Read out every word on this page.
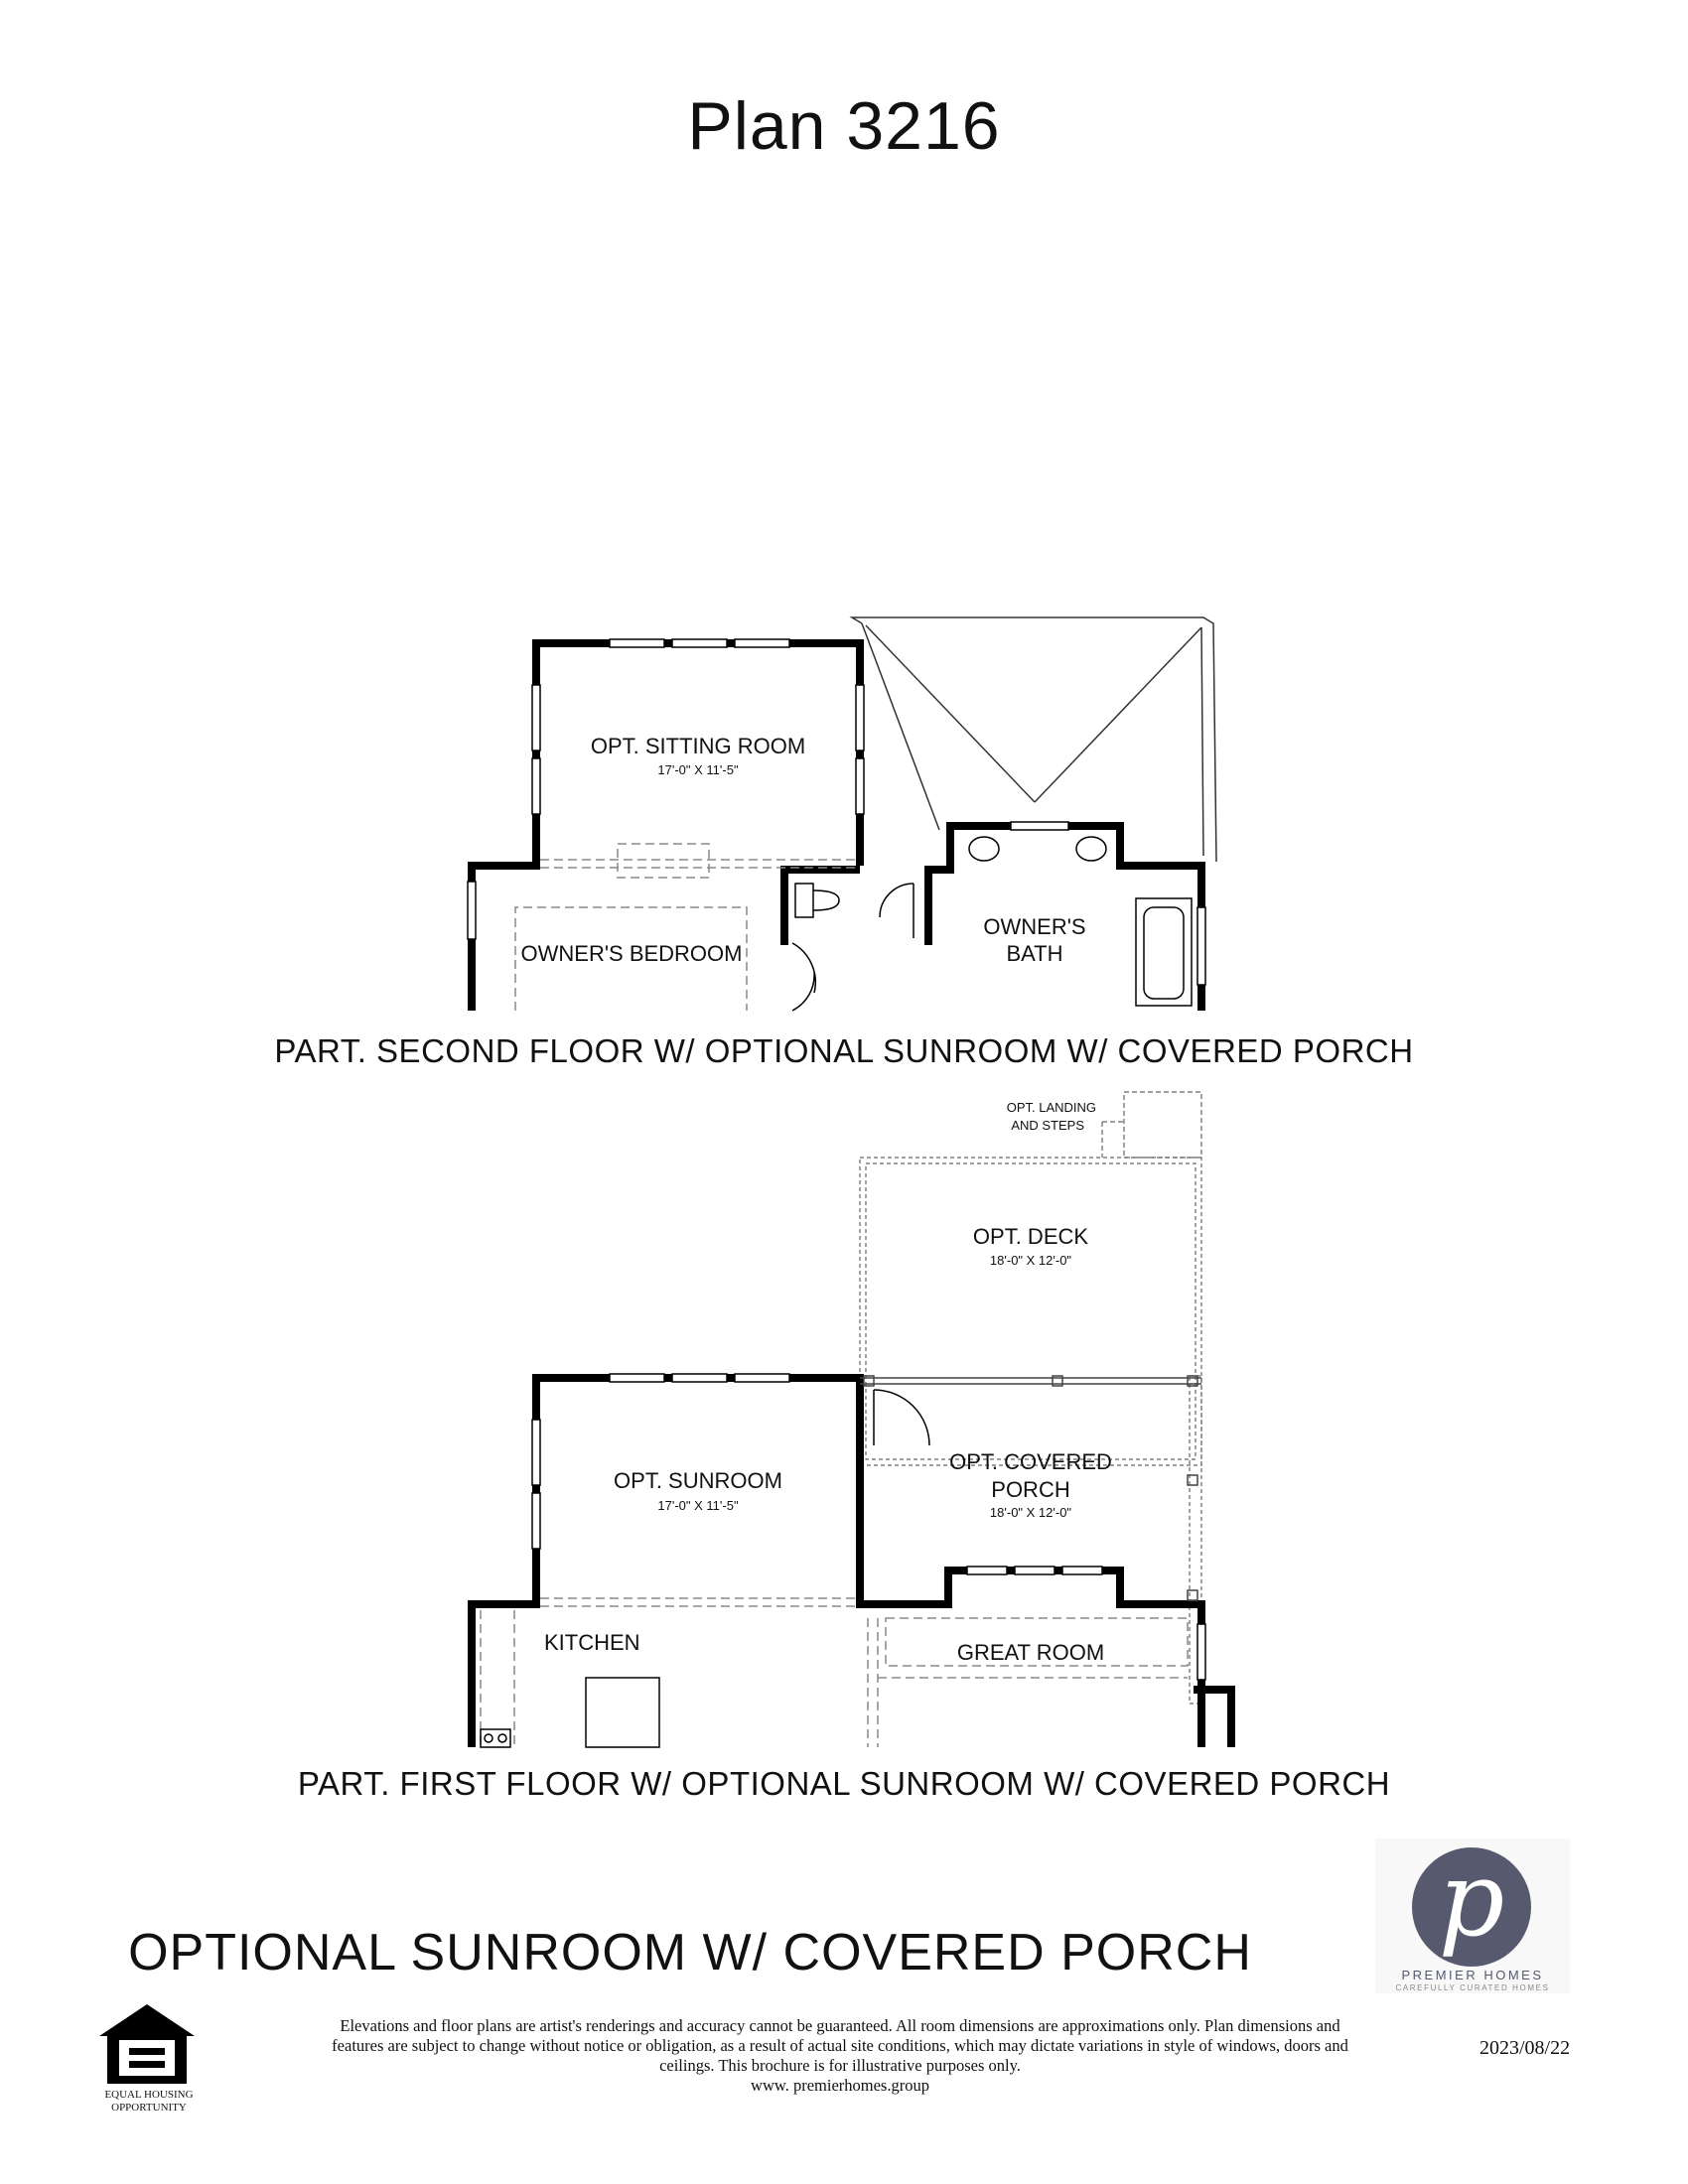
Plan 3216
OPT. SITTING ROOM
17'-0" X 11'-5"
OWNER'S BEDROOM
OWNER'S
BATH
PART. SECOND FLOOR W/ OPTIONAL SUNROOM W/ COVERED PORCH
OPT. LANDING
AND STEPS
OPT. DECK
18'-0" X 12'-0"
OPT. SUNROOM
17'-0" X 11'-5"
OPT. COVERED
PORCH
18'-0" X 12'-0"
KITCHEN	GREAT ROOM
PART. FIRST FLOOR W/ OPTIONAL SUNROOM W/ COVERED PORCH
OPTIONAL SUNROOM W/ COVERED PORCH	p
PREMIER HOMES
CAREFULLY CURATED HOMES
EQUAL HOUSING
OPPORTUNITY
Elevations and floor plans are artist's renderings and accuracy cannot be guaranteed. All room dimensions are approximations only. Plan dimensions and
features are subject to change without notice or obligation, as a result of actual site conditions, which may dictate variations in style of windows, doors and
ceilings. This brochure is for illustrative purposes only.
www. premierhomes.group
2023/08/22
